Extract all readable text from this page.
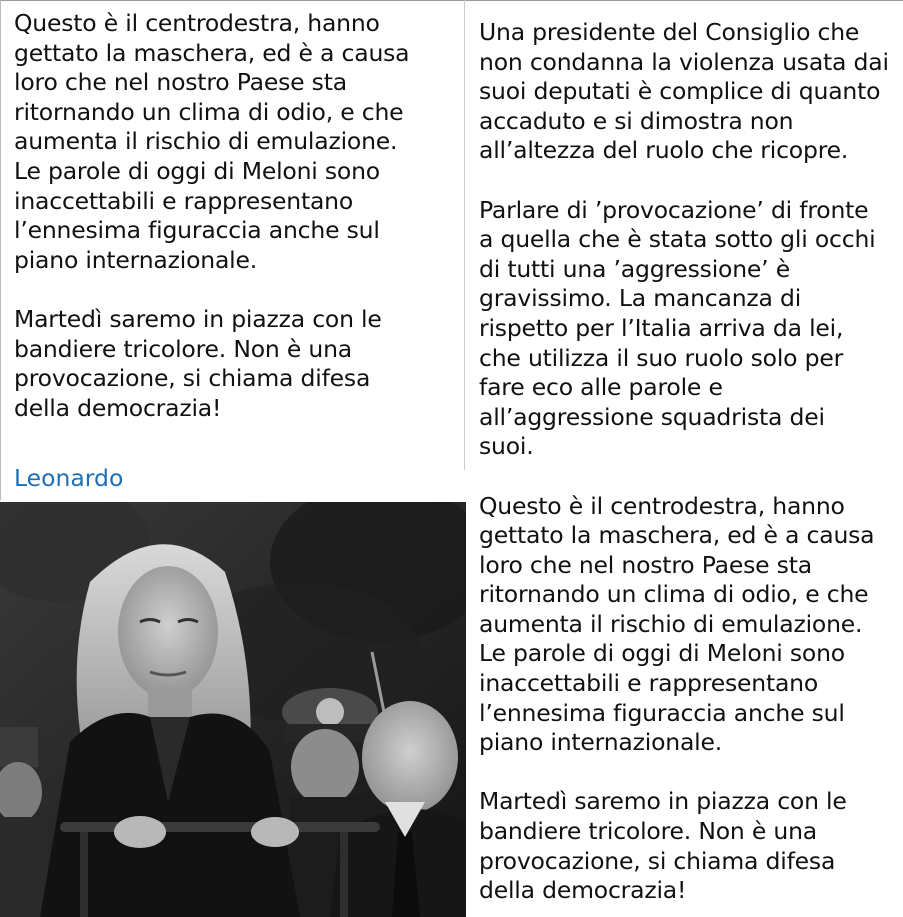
Questo è il centrodestra, hanno

gettato la maschera, ed è a causa

loro che nel nostro Paese sta

ritornando un clima di odio, e che

aumenta il rischio di emulazione.

Le parole di oggi di Meloni sono

inaccettabili e rappresentano

l’ennesima figuraccia anche sul

piano internazionale.

Martedì saremo in piazza con le

bandiere tricolore. Non è una

provocazione, si chiama difesa

della democrazia!

Leonardo

Una presidente del Consiglio che

non condanna la violenza usata dai

suoi deputati è complice di quanto

accaduto e si dimostra non

all’altezza del ruolo che ricopre.

Parlare di ’provocazione’ di fronte

a quella che è stata sotto gli occhi

di tutti una ’aggressione’ è

gravissimo. La mancanza di

rispetto per l’Italia arriva da lei,

che utilizza il suo ruolo solo per

fare eco alle parole e

all’aggressione squadrista dei

suoi.

Questo è il centrodestra, hanno

gettato la maschera, ed è a causa

loro che nel nostro Paese sta

ritornando un clima di odio, e che

aumenta il rischio di emulazione.

Le parole di oggi di Meloni sono

inaccettabili e rappresentano

l’ennesima figuraccia anche sul

piano internazionale.

Martedì saremo in piazza con le

bandiere tricolore. Non è una

provocazione, si chiama difesa

della democrazia!
